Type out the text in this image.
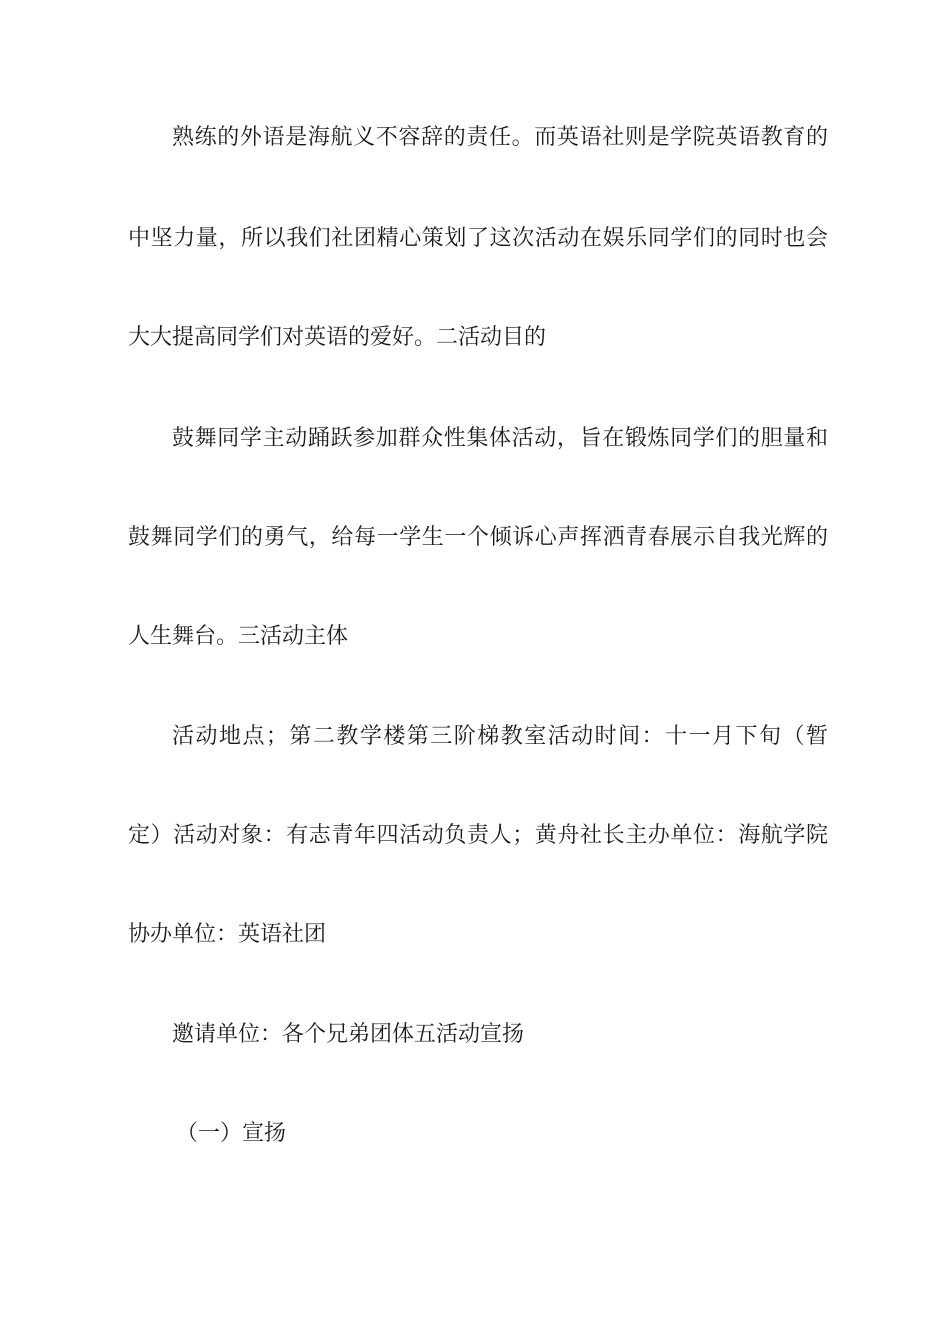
熟练的外语是海航义不容辞的责任。而英语社则是学院英语教育的
中坚力量，所以我们社团精心策划了这次活动在娱乐同学们的同时也会
大大提高同学们对英语的爱好。二活动目的
鼓舞同学主动踊跃参加群众性集体活动，旨在锻炼同学们的胆量和
鼓舞同学们的勇气，给每一学生一个倾诉心声挥洒青春展示自我光辉的
人生舞台。三活动主体
活动地点；第二教学楼第三阶梯教室活动时间：十一月下旬（暂
定）活动对象：有志青年四活动负责人；黄舟社长主办单位：海航学院
协办单位：英语社团
邀请单位：各个兄弟团体五活动宣扬
（一）宣扬
